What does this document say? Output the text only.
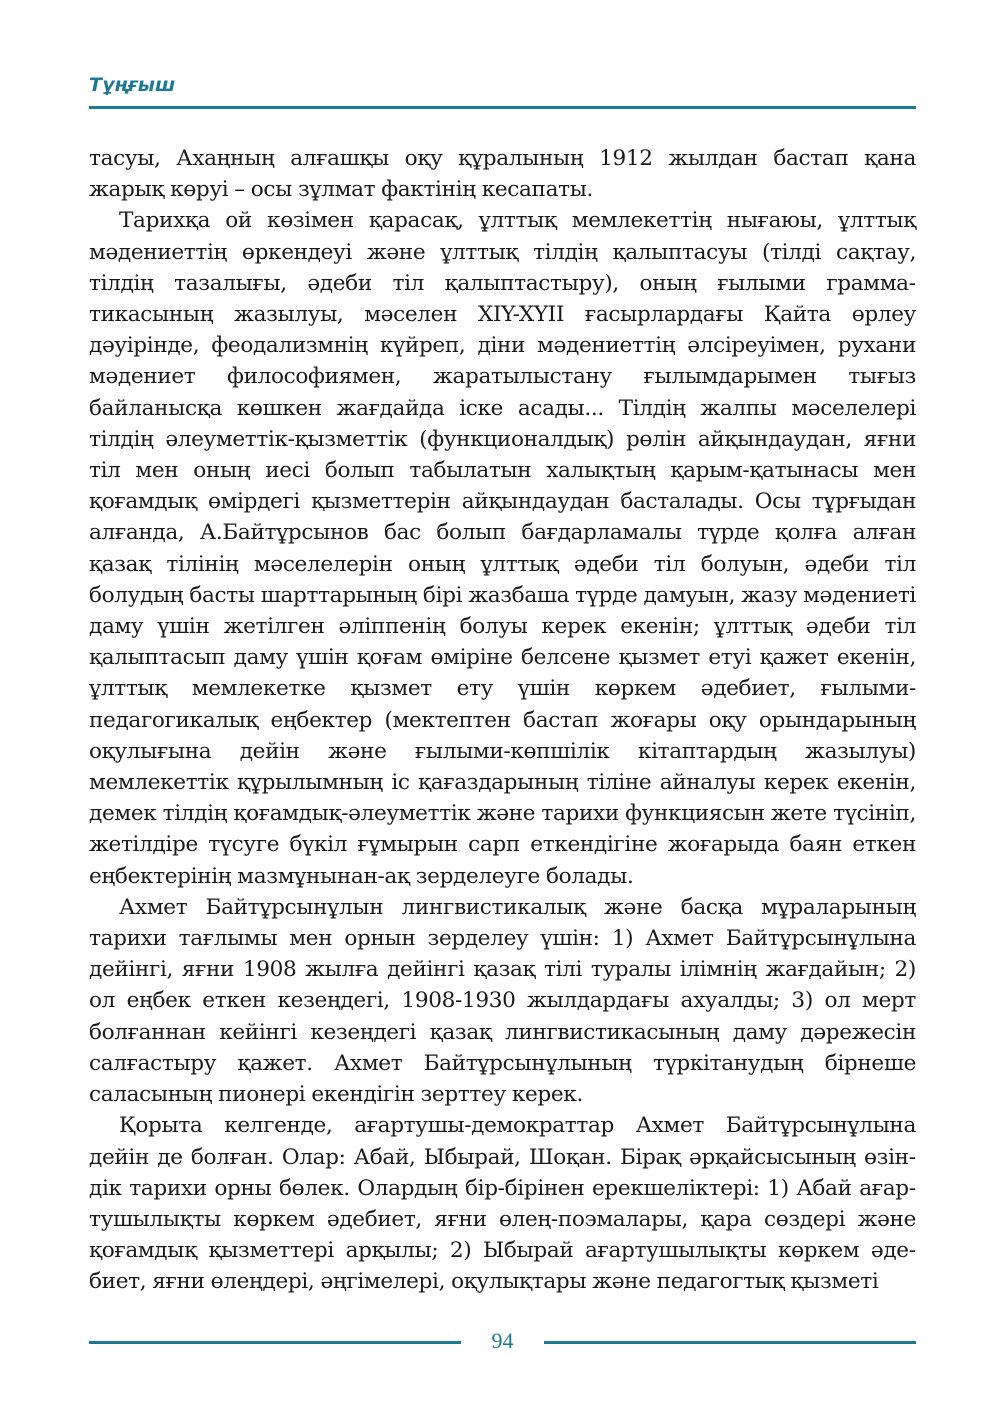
Тұңғыш

тасуы, Ахаңның алғашқы оқу құралының 1912 жылдан бастап қана жарық көруі – осы зұлмат фактінің кесапаты.

Тарихқа ой көзімен қарасақ, ұлттық мемлекеттің нығаюы, ұлттық мәдениеттің өркендеуі және ұлттық тілдің қалыптасуы (тілді сақтау, тілдің тазалығы, әдеби тіл қалыптастыру), оның ғылыми грамматикасының жазылуы, мәселен XIY-XYII ғасырлардағы Қайта өрлеу дәуірінде, феодализмнің күйреп, діни мәдениеттің әлсіреуімен, рухани мәдениет философиямен, жаратылыстану ғылымдарымен тығыз байланысқа көшкен жағдайда іске асады... Тілдің жалпы мәселелері тілдің әлеуметтік-қызметтік (функционалдық) рөлін айқындаудан, яғни тіл мен оның иесі болып табылатын халықтың қарым-қатынасы мен қоғамдық өмірдегі қызметтерін айқындаудан басталады. Осы тұрғыдан алғанда, А.Байтұрсынов бас болып бағдарламалы түрде қолға алған қазақ тілінің мәселелерін оның ұлттық әдеби тіл болуын, әдеби тіл болудың басты шарттарының бірі жазбаша түрде дамуын, жазу мәдениеті даму үшін жетілген әліппенің болуы керек екенін; ұлттық әдеби тіл қалыптасып даму үшін қоғам өміріне белсене қызмет етуі қажет екенін, ұлттық мемлекетке қызмет ету үшін көркем әдебиет, ғылыми-педагогикалық еңбектер (мектептен бастап жоғары оқу орындарының оқулығына дейін және ғылыми-көпшілік кітаптардың жазылуы) мемлекеттік құрылымның іс қағаздарының тіліне айналуы керек екенін, демек тілдің қоғамдық-әлеуметтік және тарихи функциясын жете түсініп, жетілдіре түсуге бүкіл ғұмырын сарп еткендігіне жоғарыда баян еткен еңбектерінің мазмұнынан-ақ зерделеуге болады.

Ахмет Байтұрсынұлын лингвистикалық және басқа мұраларының тарихи тағлымы мен орнын зерделеу үшін: 1) Ахмет Байтұрсынұлына дейінгі, яғни 1908 жылға дейінгі қазақ тілі туралы ілімнің жағдайын; 2) ол еңбек еткен кезеңдегі, 1908-1930 жылдардағы ахуалды; 3) ол мерт болғаннан кейінгі кезеңдегі қазақ лингвистикасының даму дәрежесін салғастыру қажет. Ахмет Байтұрсынұлының түркітанудың бірнеше саласының пионері екендігін зерттеу керек.

Қорыта келгенде, ағартушы-демократтар Ахмет Байтұрсынұлына дейін де болған. Олар: Абай, Ыбырай, Шоқан. Бірақ әрқайсысының өзіндік тарихи орны бөлек. Олардың бір-бірінен ерекшеліктері: 1) Абай ағартушылықты көркем әдебиет, яғни өлең-поэмалары, қара сөздері және қоғамдық қызметтері арқылы; 2) Ыбырай ағартушылықты көркем әдебиет, яғни өлеңдері, әңгімелері, оқулықтары және педагогтық қызметі

94
